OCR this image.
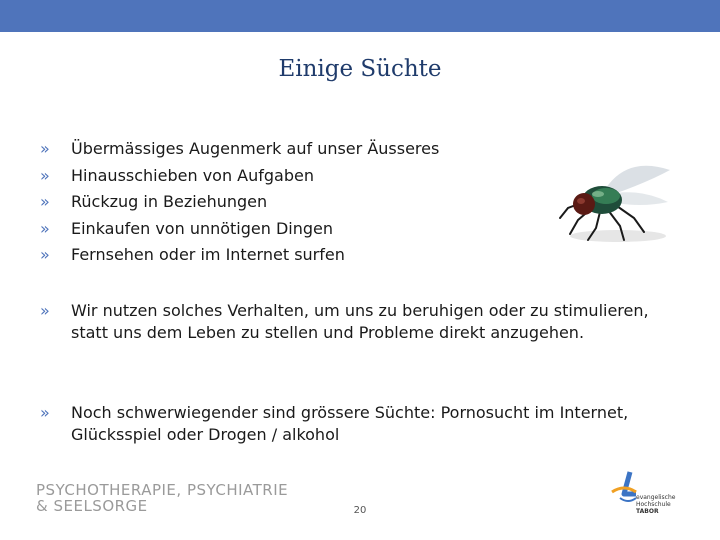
Einige Süchte
»	Übermässiges Augenmerk auf unser Äusseres
»	Hinausschieben von Aufgaben
»	Rückzug in Beziehungen
»	Einkaufen von unnötigen Dingen
»	Fernsehen oder im Internet surfen
»	Wir nutzen solches Verhalten, um uns zu beruhigen oder zu stimulieren, statt uns dem Leben zu stellen und Probleme direkt anzugehen.
»	Noch schwerwiegender sind grössere Süchte: Pornosucht im Internet, Glücksspiel oder Drogen / alkohol
PSYCHOTHERAPIE, PSYCHIATRIE
& SEELSORGE	20
evangelische
Hochschule
TABOR
